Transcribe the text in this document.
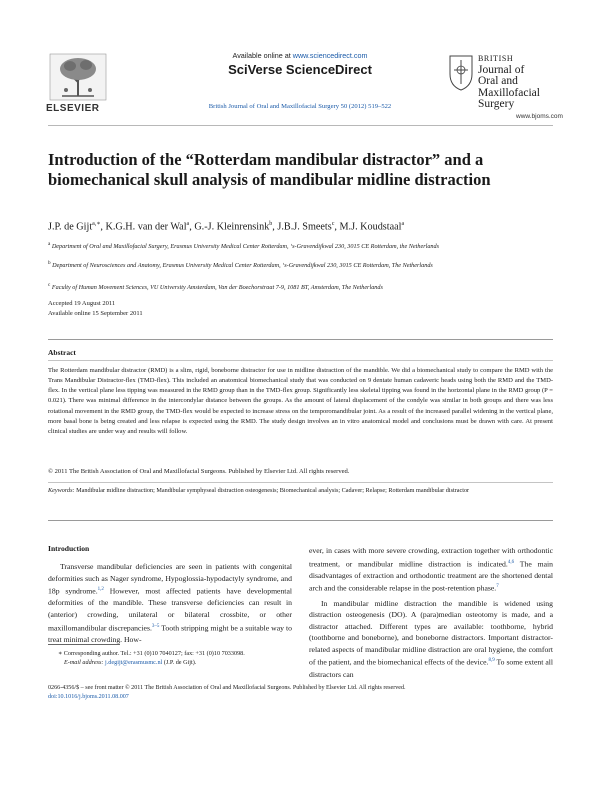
ELSEVIER
Available online at www.sciencedirect.com
SciVerse ScienceDirect
British Journal of Oral and Maxillofacial Surgery 50 (2012) 519–522
BRITISH
Journal of
Oral and
Maxillofacial
Surgery
www.bjoms.com
Introduction of the “Rotterdam mandibular distractor” and a biomechanical skull analysis of mandibular midline distraction
J.P. de Gijt$^{a,∗}$, K.G.H. van der Wal$^a$, G.-J. Kleinrensink$^b$, J.B.J. Smeets$^c$, M.J. Koudstaal$^a$
$^a$ Department of Oral and Maxillofacial Surgery, Erasmus University Medical Center Rotterdam, ‘s-Gravendijkwal 230, 3015 CE Rotterdam, the Netherlands
$^b$ Department of Neurosciences and Anatomy, Erasmus University Medical Center Rotterdam, ‘s-Gravendijkwal 230, 3015 CE Rotterdam, The Netherlands
$^c$ Faculty of Human Movement Sciences, VU University Amsterdam, Van der Boechorstraat 7-9, 1081 BT, Amsterdam, The Netherlands
Accepted 19 August 2011
Available online 15 September 2011
Abstract
The Rotterdam mandibular distractor (RMD) is a slim, rigid, boneborne distractor for use in midline distraction of the mandible. We did a biomechanical study to compare the RMD with the Trans Mandibular Distractor-flex (TMD-flex). This included an anatomical biomechanical study that was conducted on 9 dentate human cadaveric heads using both the RMD and the TMD-flex. In the vertical plane less tipping was measured in the RMD group than in the TMD-flex group. Significantly less skeletal tipping was found in the horizontal plane in the RMD group (P = 0.021). There was minimal difference in the intercondylar distance between the groups. As the amount of lateral displacement of the condyle was similar in both groups and there was less rotational movement in the RMD group, the TMD-flex would be expected to increase stress on the temporomandibular joint. As a result of the increased parallel widening in the vertical plane, more basal bone is being created and less relapse is expected using the RMD. The study design involves an in vitro anatomical model and conclusions must be drawn with care. At present clinical studies are under way and results will follow.
© 2011 The British Association of Oral and Maxillofacial Surgeons. Published by Elsevier Ltd. All rights reserved.
Keywords: Mandibular midline distraction; Mandibular symphyseal distraction osteogenesis; Biomechanical analysis; Cadaver; Relapse; Rotterdam mandibular distractor
Introduction

Transverse mandibular deficiencies are seen in patients with congenital deformities such as Nager syndrome, Hypoglossia-hypodactyly syndrome, and 18p syndrome.$^{1,2}$ However, most affected patients have developmental deformities of the mandible. These transverse deficiencies can result in (anterior) crowding, unilateral or bilateral crossbite, or other maxillomandibular discrepancies.$^{3-5}$ Tooth stripping might be a suitable way to treat minimal crowding. How-

ever, in cases with more severe crowding, extraction together with orthodontic treatment, or mandibular midline distraction is indicated.$^{4,6}$ The main disadvantages of extraction and orthodontic treatment are the shortened dental arch and the considerable relapse in the post-retention phase.$^7$

In mandibular midline distraction the mandible is widened using distraction osteogenesis (DO). A (para)median osteotomy is made, and a distractor attached. Different types are available: toothborne, hybrid (toothborne and boneborne), and boneborne distractors. Important distractor-related aspects of mandibular midline distraction are oral hygiene, the comfort of the patient, and the biomechanical effects of the device.$^{8,9}$ To some extent all distractors can

∗ Corresponding author. Tel.: +31 (0)10 7040127; fax: +31 (0)10 7033098.
E-mail address: j.degijt@erasmusmc.nl (J.P. de Gijt).
0266-4356/$ – see front matter © 2011 The British Association of Oral and Maxillofacial Surgeons. Published by Elsevier Ltd. All rights reserved.
doi:10.1016/j.bjoms.2011.08.007
